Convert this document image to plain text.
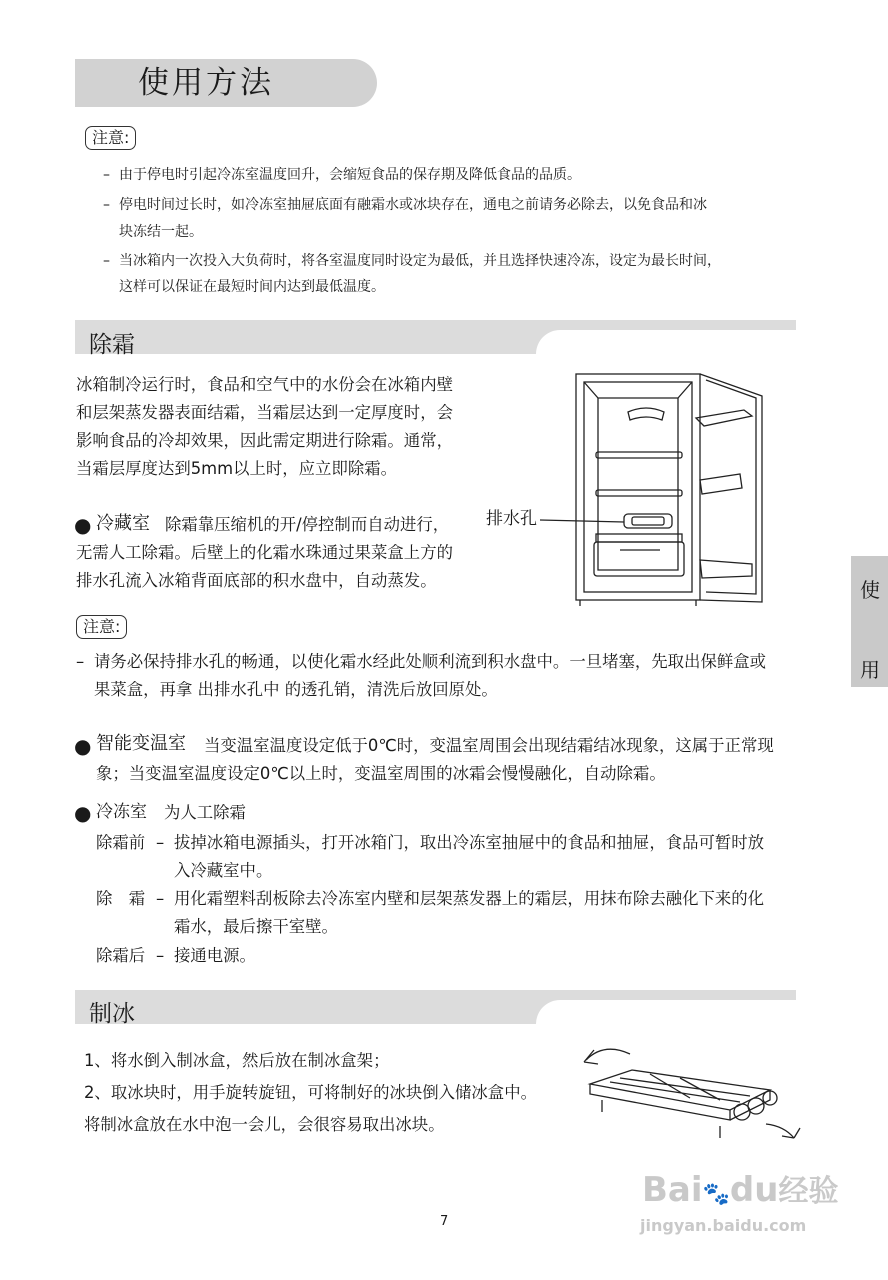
使用方法
注意:
– 由于停电时引起冷冻室温度回升，会缩短食品的保存期及降低食品的品质。
– 停电时间过长时，如冷冻室抽屉底面有融霜水或冰块存在，通电之前请务必除去，以免食品和冰
块冻结一起。
– 当冰箱内一次投入大负荷时，将各室温度同时设定为最低，并且选择快速冷冻，设定为最长时间，
这样可以保证在最短时间内达到最低温度。
除霜
冰箱制冷运行时，食品和空气中的水份会在冰箱内壁
和层架蒸发器表面结霜，当霜层达到一定厚度时，会
影响食品的冷却效果，因此需定期进行除霜。通常，
当霜层厚度达到5mm以上时，应立即除霜。
● 冷藏室 除霜靠压缩机的开/停控制而自动进行，
无需人工除霜。后壁上的化霜水珠通过果菜盒上方的
排水孔流入冰箱背面底部的积水盘中，自动蒸发。
排水孔
注意:
– 请务必保持排水孔的畅通，以使化霜水经此处顺利流到积水盘中。一旦堵塞，先取出保鲜盒或
果菜盒，再拿 出排水孔中 的透孔销，清洗后放回原处。
● 智能变温室 当变温室温度设定低于0℃时，变温室周围会出现结霜结冰现象，这属于正常现
象；当变温室温度设定0℃以上时，变温室周围的冰霜会慢慢融化，自动除霜。
● 冷冻室 为人工除霜
除霜前 – 拔掉冰箱电源插头，打开冰箱门，取出冷冻室抽屉中的食品和抽屉，食品可暂时放
入冷藏室中。
除　霜 – 用化霜塑料刮板除去冷冻室内壁和层架蒸发器上的霜层，用抹布除去融化下来的化
霜水，最后擦干室壁。
除霜后 – 接通电源。
制冰
1、将水倒入制冰盒，然后放在制冰盒架；
2、取冰块时，用手旋转旋钮，可将制好的冰块倒入储冰盒中。
将制冰盒放在水中泡一会儿，会很容易取出冰块。
使
用
7
Bai🐾du经验
jingyan.baidu.com
